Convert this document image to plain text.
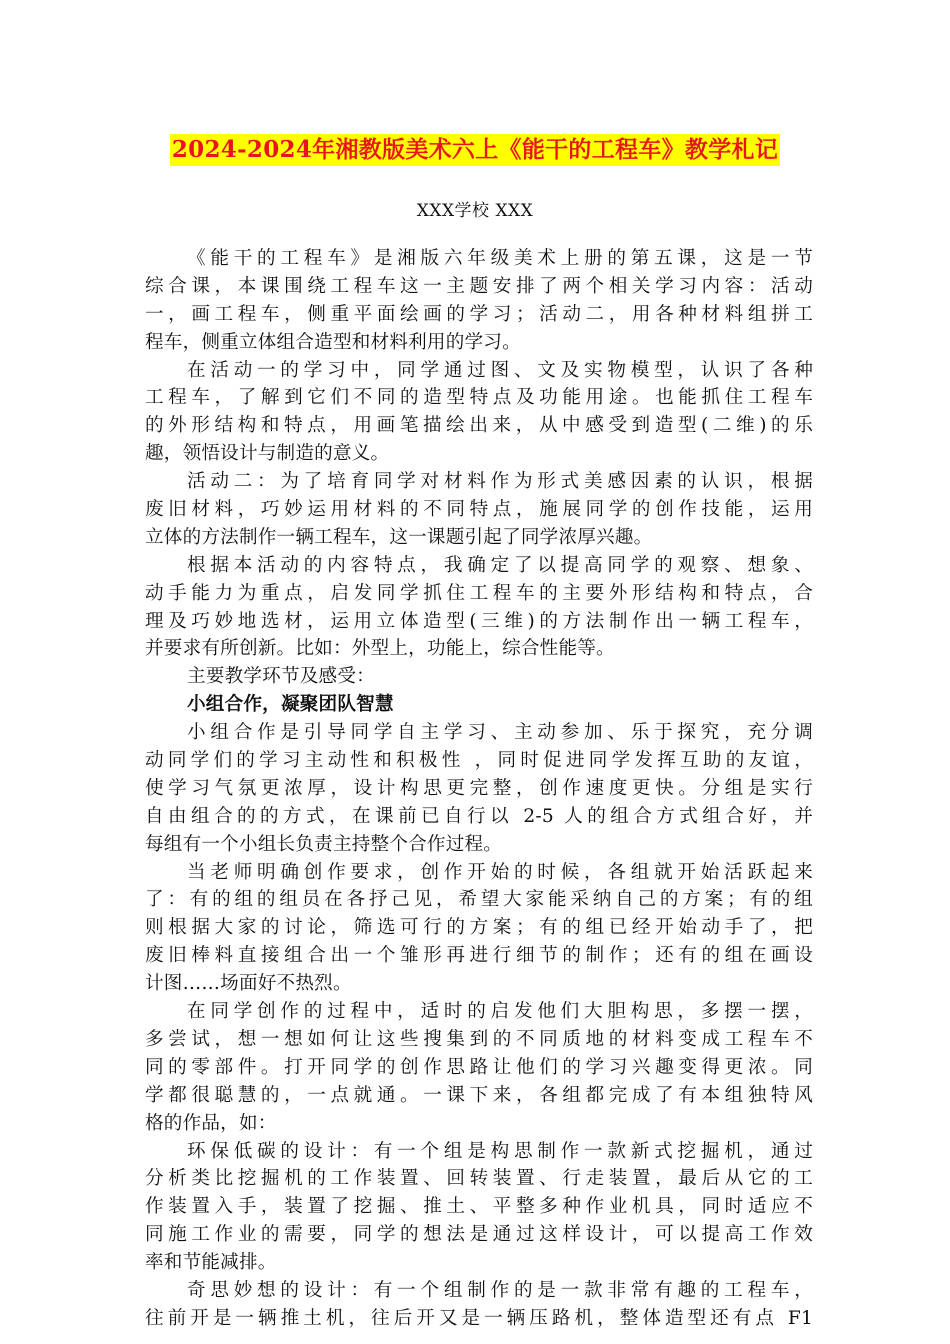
2024-2024年湘教版美术六上《能干的工程车》教学札记
XXX学校 XXX
《能干的工程车》是湘版六年级美术上册的第五课，这是一节
综合课，本课围绕工程车这一主题安排了两个相关学习内容：活动
一，画工程车，侧重平面绘画的学习；活动二，用各种材料组拼工
程车，侧重立体组合造型和材料利用的学习。
在活动一的学习中，同学通过图、文及实物模型，认识了各种
工程车，了解到它们不同的造型特点及功能用途。也能抓住工程车
的外形结构和特点，用画笔描绘出来，从中感受到造型(二维)的乐
趣，领悟设计与制造的意义。
活动二：为了培育同学对材料作为形式美感因素的认识，根据
废旧材料，巧妙运用材料的不同特点，施展同学的创作技能，运用
立体的方法制作一辆工程车，这一课题引起了同学浓厚兴趣。
根据本活动的内容特点，我确定了以提高同学的观察、想象、
动手能力为重点，启发同学抓住工程车的主要外形结构和特点，合
理及巧妙地选材，运用立体造型(三维)的方法制作出一辆工程车，
并要求有所创新。比如：外型上，功能上，综合性能等。
主要教学环节及感受：
小组合作，凝聚团队智慧
小组合作是引导同学自主学习、主动参加、乐于探究，充分调
动同学们的学习主动性和积极性 ，同时促进同学发挥互助的友谊，
使学习气氛更浓厚，设计构思更完整，创作速度更快。分组是实行
自由组合的的方式，在课前已自行以 2-5 人的组合方式组合好，并
每组有一个小组长负责主持整个合作过程。
当老师明确创作要求，创作开始的时候，各组就开始活跃起来
了：有的组的组员在各抒己见，希望大家能采纳自己的方案；有的组
则根据大家的讨论，筛选可行的方案；有的组已经开始动手了，把
废旧棒料直接组合出一个雏形再进行细节的制作；还有的组在画设
计图……场面好不热烈。
在同学创作的过程中，适时的启发他们大胆构思，多摆一摆，
多尝试，想一想如何让这些搜集到的不同质地的材料变成工程车不
同的零部件。打开同学的创作思路让他们的学习兴趣变得更浓。同
学都很聪慧的，一点就通。一课下来，各组都完成了有本组独特风
格的作品，如：
环保低碳的设计：有一个组是构思制作一款新式挖掘机，通过
分析类比挖掘机的工作装置、回转装置、行走装置，最后从它的工
作装置入手，装置了挖掘、推土、平整多种作业机具，同时适应不
同施工作业的需要，同学的想法是通过这样设计，可以提高工作效
率和节能减排。
奇思妙想的设计：有一个组制作的是一款非常有趣的工程车，
往前开是一辆推土机，往后开又是一辆压路机，整体造型还有点 F1
